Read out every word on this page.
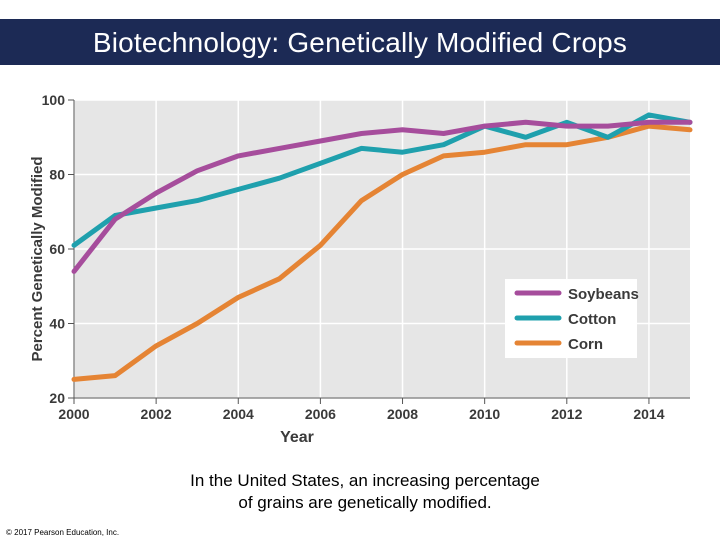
Biotechnology: Genetically Modified Crops
20
40
60
80
100
2000	2002	2004	2006	2008	2010	2012	2014
Year
Percent Genetically Modified	Soybeans
Cotton
Corn
In the United States, an increasing percentage
of grains are genetically modified.
© 2017 Pearson Education, Inc.
